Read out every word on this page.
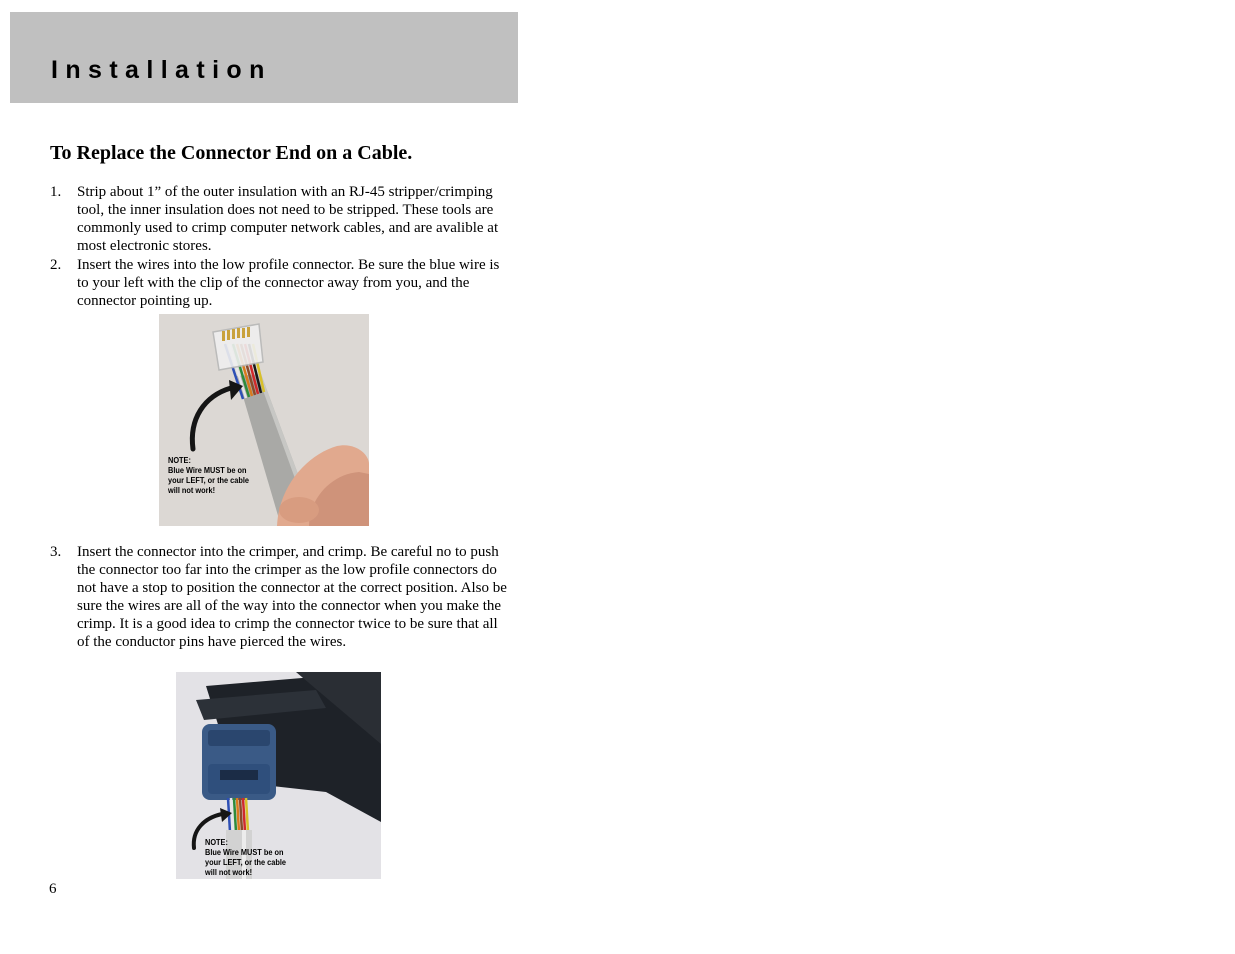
Installation
To Replace the Connector End on a Cable.
1. Strip about 1” of the outer insulation with an RJ-45 stripper/crimping tool, the inner insulation does not need to be stripped. These tools are commonly used to crimp computer network cables, and are avalible at most electronic stores.
2. Insert the wires into the low profile connector. Be sure the blue wire is to your left with the clip of the connector away from you, and the connector pointing up.
NOTE:
Blue Wire MUST be on
your LEFT, or the cable
will not work!
3. Insert the connector into the crimper, and crimp. Be careful no to push the connector too far into the crimper as the low profile connectors do not have a stop to position the connector at the correct position. Also be sure the wires are all of the way into the connector when you make the crimp. It is a good idea to crimp the connector twice to be sure that all of the conductor pins have pierced the wires.
NOTE:
Blue Wire MUST be on
your LEFT, or the cable
will not work!

6
